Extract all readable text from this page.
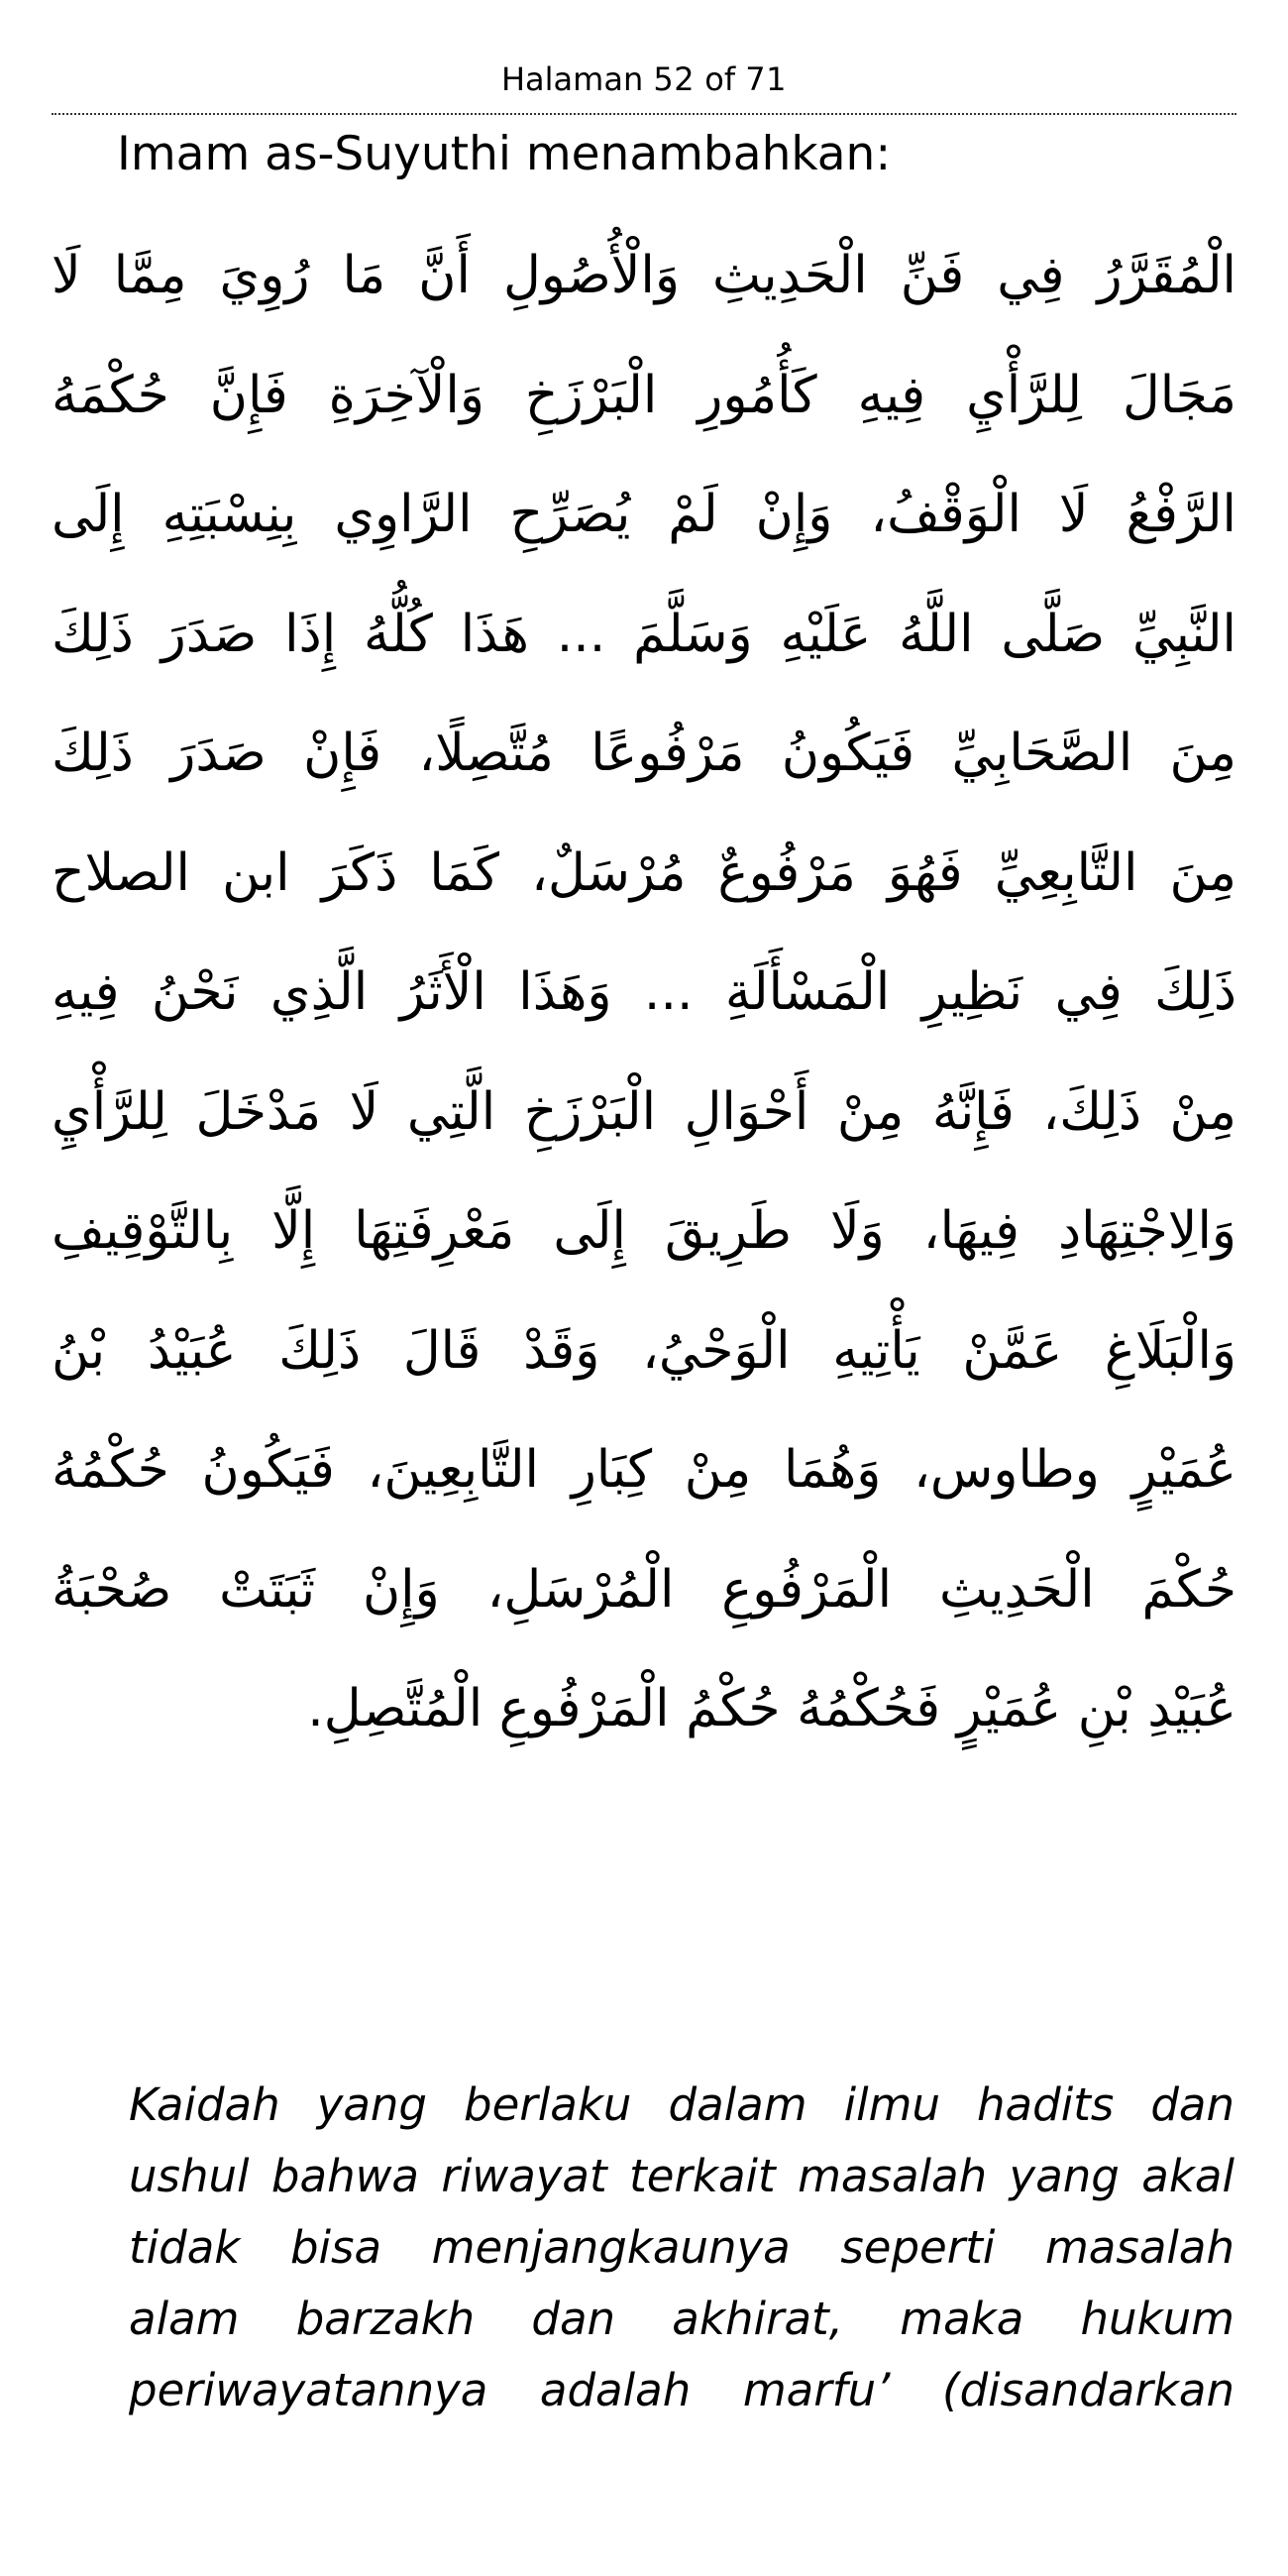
Halaman 52 of 71
Imam as-Suyuthi menambahkan:
الْمُقَرَّرُ فِي فَنِّ الْحَدِيثِ وَالْأُصُولِ أَنَّ مَا رُوِيَ مِمَّا لَا
مَجَالَ لِلرَّأْيِ فِيهِ كَأُمُورِ الْبَرْزَخِ وَالْآخِرَةِ فَإِنَّ حُكْمَهُ
الرَّفْعُ لَا الْوَقْفُ، وَإِنْ لَمْ يُصَرِّحِ الرَّاوِي بِنِسْبَتِهِ إِلَى
النَّبِيِّ صَلَّى اللَّهُ عَلَيْهِ وَسَلَّمَ ... هَذَا كُلُّهُ إِذَا صَدَرَ ذَلِكَ
مِنَ الصَّحَابِيِّ فَيَكُونُ مَرْفُوعًا مُتَّصِلًا، فَإِنْ صَدَرَ ذَلِكَ
مِنَ التَّابِعِيِّ فَهُوَ مَرْفُوعٌ مُرْسَلٌ، كَمَا ذَكَرَ ابن الصلاح
ذَلِكَ فِي نَظِيرِ الْمَسْأَلَةِ ... وَهَذَا الْأَثَرُ الَّذِي نَحْنُ فِيهِ
مِنْ ذَلِكَ، فَإِنَّهُ مِنْ أَحْوَالِ الْبَرْزَخِ الَّتِي لَا مَدْخَلَ لِلرَّأْيِ
وَالِاجْتِهَادِ فِيهَا، وَلَا طَرِيقَ إِلَى مَعْرِفَتِهَا إِلَّا بِالتَّوْقِيفِ
وَالْبَلَاغِ عَمَّنْ يَأْتِيهِ الْوَحْيُ، وَقَدْ قَالَ ذَلِكَ عُبَيْدُ بْنُ
عُمَيْرٍ وطاوس، وَهُمَا مِنْ كِبَارِ التَّابِعِينَ، فَيَكُونُ حُكْمُهُ
حُكْمَ الْحَدِيثِ الْمَرْفُوعِ الْمُرْسَلِ، وَإِنْ ثَبَتَتْ صُحْبَةُ
عُبَيْدِ بْنِ عُمَيْرٍ فَحُكْمُهُ حُكْمُ الْمَرْفُوعِ الْمُتَّصِلِ.
Kaidah yang berlaku dalam ilmu hadits dan
ushul bahwa riwayat terkait masalah yang akal
tidak bisa menjangkaunya seperti masalah
alam barzakh dan akhirat, maka hukum
periwayatannya adalah marfu’ (disandarkan
